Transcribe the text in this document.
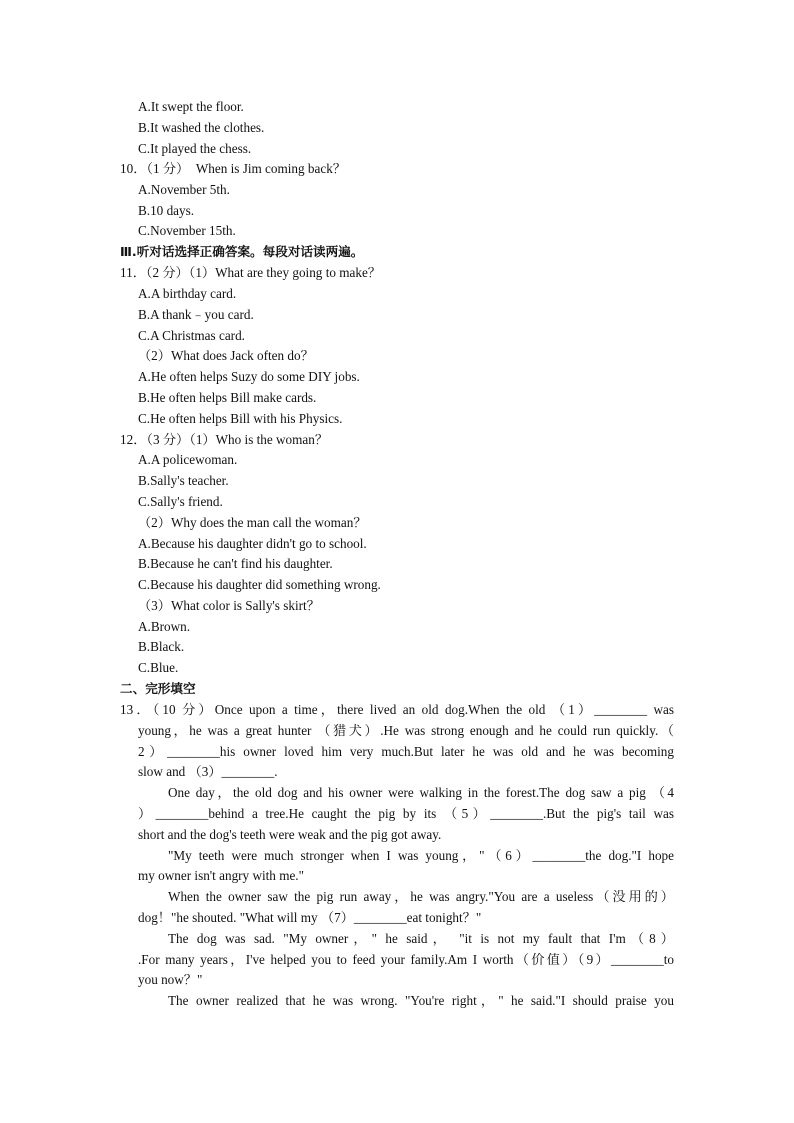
A.It swept the floor.
B.It washed the clothes.
C.It played the chess.
10．（1 分）  When is Jim coming back？
A.November 5th.
B.10 days.
C.November 15th.
Ⅲ.听对话选择正确答案。每段对话读两遍。
11．（2 分）（1）What are they going to make？
A.A birthday card.
B.A thank﹣you card.
C.A Christmas card.
（2）What does Jack often do？
A.He often helps Suzy do some DIY jobs.
B.He often helps Bill make cards.
C.He often helps Bill with his Physics.
12．（3 分）（1）Who is the woman？
A.A policewoman.
B.Sally's teacher.
C.Sally's friend.
（2）Why does the man call the woman？
A.Because his daughter didn't go to school.
B.Because he can't find his daughter.
C.Because his daughter did something wrong.
（3）What color is Sally's skirt？
A.Brown.
B.Black.
C.Blue.
二、完形填空
13．（10 分）Once upon a time，there lived an old dog.When the old （1）________ was
young，he was a great hunter （猎犬）.He was strong enough and he could run quickly.（
2）________his owner loved him very much.But later he was old and he was becoming
slow and （3）________.
One day，the old dog and his owner were walking in the forest.The dog saw a pig （4
）________behind a tree.He caught the pig by its （5）________.But the pig's tail was
short and the dog's teeth were weak and the pig got away.
"My teeth were much stronger when I was young，"（6）________the dog."I hope
my owner isn't angry with me."
When the owner saw the pig run away，he was angry."You are a useless（没用的）
dog！"he shouted. "What will my （7）________eat tonight？"
The dog was sad. "My owner，" he said， "it is not my fault that I'm（8）
.For many years，I've helped you to feed your family.Am I worth（价值）（9）________to
you now？"
The owner realized that he was wrong. "You're right，" he said."I should praise you
